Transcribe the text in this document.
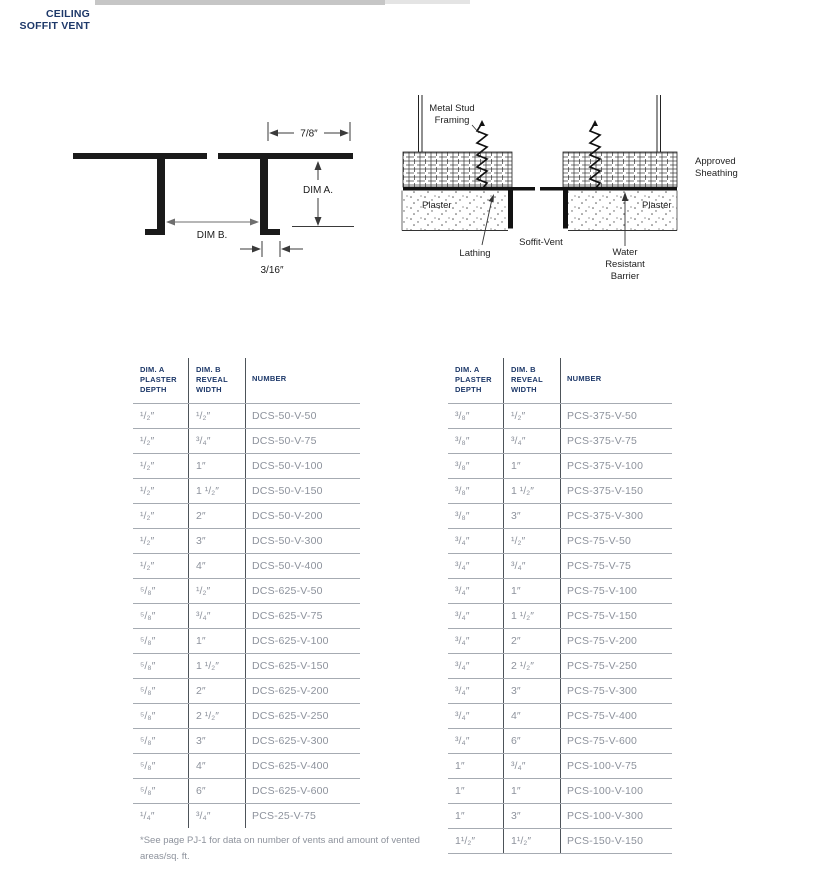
CEILING
SOFFIT VENT
7/8″
DIM A.
DIM B.
3/16″
Metal Stud
Framing
Approved
Sheathing
Plaster	Plaster
Lathing
Soffit-Vent
Water
Resistant
Barrier
DIM. A
PLASTER
DEPTH
DIM. B
REVEAL
WIDTH
NUMBER
¹/₂″	¹/₂″	DCS-50-V-50
¹/₂″	³/₄″	DCS-50-V-75
¹/₂″	1″	DCS-50-V-100
¹/₂″	1 ¹/₂″	DCS-50-V-150
¹/₂″	2″	DCS-50-V-200
¹/₂″	3″	DCS-50-V-300
¹/₂″	4″	DCS-50-V-400
⁵/₈″	¹/₂″	DCS-625-V-50
⁵/₈″	³/₄″	DCS-625-V-75
⁵/₈″	1″	DCS-625-V-100
⁵/₈″	1 ¹/₂″	DCS-625-V-150
⁵/₈″	2″	DCS-625-V-200
⁵/₈″	2 ¹/₂″	DCS-625-V-250
⁵/₈″	3″	DCS-625-V-300
⁵/₈″	4″	DCS-625-V-400
⁵/₈″	6″	DCS-625-V-600
¹/₄″	³/₄″	PCS-25-V-75
DIM. A
PLASTER
DEPTH
DIM. B
REVEAL
WIDTH
NUMBER
³/₈″	¹/₂″	PCS-375-V-50
³/₈″	³/₄″	PCS-375-V-75
³/₈″	1″	PCS-375-V-100
³/₈″	1 ¹/₂″	PCS-375-V-150
³/₈″	3″	PCS-375-V-300
³/₄″	¹/₂″	PCS-75-V-50
³/₄″	³/₄″	PCS-75-V-75
³/₄″	1″	PCS-75-V-100
³/₄″	1 ¹/₂″	PCS-75-V-150
³/₄″	2″	PCS-75-V-200
³/₄″	2 ¹/₂″	PCS-75-V-250
³/₄″	3″	PCS-75-V-300
³/₄″	4″	PCS-75-V-400
³/₄″	6″	PCS-75-V-600
1″	³/₄″	PCS-100-V-75
1″	1″	PCS-100-V-100
1″	3″	PCS-100-V-300
1¹/₂″	1¹/₂″	PCS-150-V-150
*See page PJ-1 for data on number of vents and amount of vented areas/sq. ft.
